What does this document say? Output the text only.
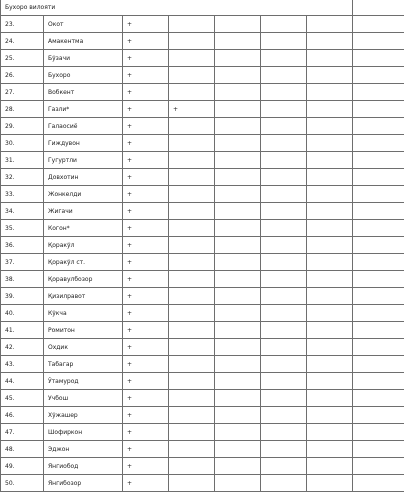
Бухоро вилояти							
23.	Окот	+					
24.	Амакентма	+					
25.	Бўзачи	+					
26.	Бухоро	+					
27.	Вобкент	+					
28.	Газли*	+	+				
29.	Галаосиё	+					
30.	Гиждувон	+					
31.	Гугуртли	+					
32.	Довхотин	+					
33.	Жонкелди	+					
34.	Жигачи	+					
35.	Когон*	+					
36.	Қоракўл	+					
37.	Қоракўл ст.	+					
38.	Қоравулбозор	+					
39.	Қизилравот	+					
40.	Кўкча	+					
41.	Ромитон	+					
42.	Охдик	+					
43.	Табагар	+					
44.	Ўтамурод	+					
45.	Учбош	+					
46.	Хўжашер	+					
47.	Шофиркон	+					
48.	Эджон	+					
49.	Янгиобод	+					
50.	Янгибозор	+					
